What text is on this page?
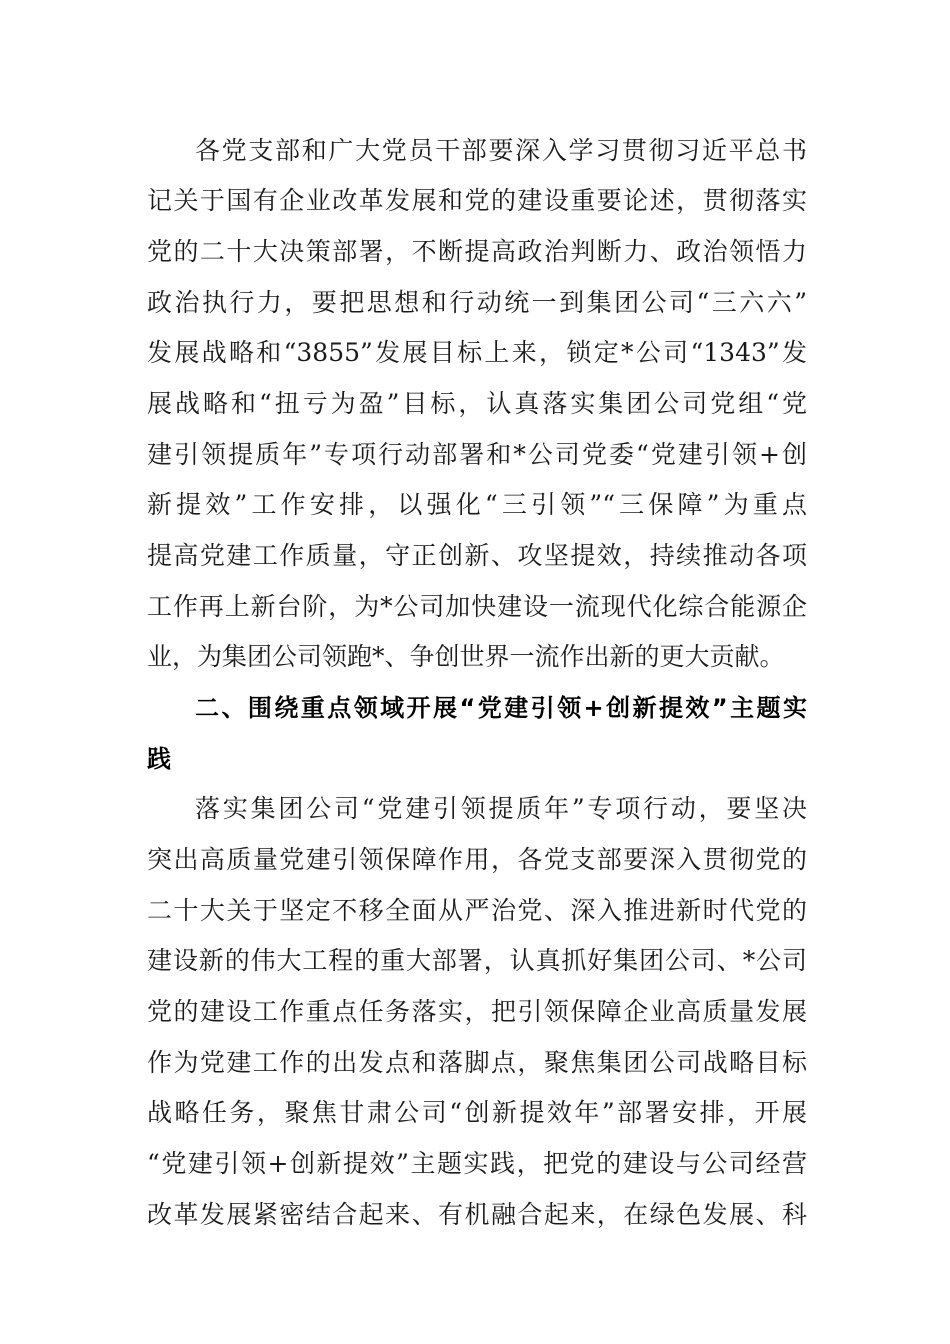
各党支部和广大党员干部要深入学习贯彻习近平总书
记关于国有企业改革发展和党的建设重要论述，贯彻落实
党的二十大决策部署，不断提高政治判断力、政治领悟力
政治执行力，要把思想和行动统一到集团公司“三六六”
发展战略和“3855”发展目标上来，锁定*公司“1343”发
展战略和“扭亏为盈”目标，认真落实集团公司党组“党
建引领提质年”专项行动部署和*公司党委“党建引领+创
新提效”工作安排，以强化“三引领”“三保障”为重点
提高党建工作质量，守正创新、攻坚提效，持续推动各项
工作再上新台阶，为*公司加快建设一流现代化综合能源企
业，为集团公司领跑*、争创世界一流作出新的更大贡献。
二、围绕重点领域开展“党建引领+创新提效”主题实
践
落实集团公司“党建引领提质年”专项行动，要坚决
突出高质量党建引领保障作用，各党支部要深入贯彻党的
二十大关于坚定不移全面从严治党、深入推进新时代党的
建设新的伟大工程的重大部署，认真抓好集团公司、*公司
党的建设工作重点任务落实，把引领保障企业高质量发展
作为党建工作的出发点和落脚点，聚焦集团公司战略目标
战略任务，聚焦甘肃公司“创新提效年”部署安排，开展
“党建引领+创新提效”主题实践，把党的建设与公司经营
改革发展紧密结合起来、有机融合起来，在绿色发展、科
